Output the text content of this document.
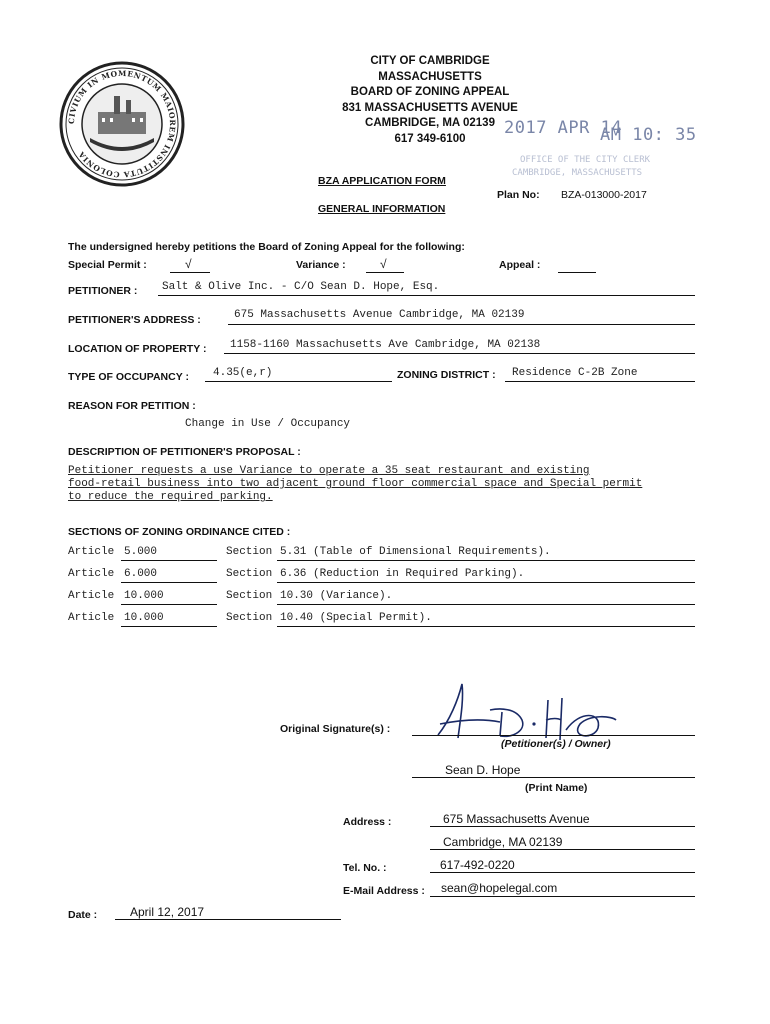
CIVIUM IN MOMENTUM MAIOREM INSTITUTA COLONIA
CITY OF CAMBRIDGE
MASSACHUSETTS
BOARD OF ZONING APPEAL
831 MASSACHUSETTS AVENUE
CAMBRIDGE, MA 02139
617 349-6100
2017 APR 14
AM 10: 35
OFFICE OF THE CITY CLERK
CAMBRIDGE, MASSACHUSETTS
BZA APPLICATION FORM
GENERAL INFORMATION
Plan No: BZA-013000-2017
The undersigned hereby petitions the Board of Zoning Appeal for the following:
Special Permit :	√	Variance :	√	Appeal :
PETITIONER : Salt & Olive Inc. - C/O Sean D. Hope, Esq.
PETITIONER'S ADDRESS :	675 Massachusetts Avenue Cambridge, MA 02139
LOCATION OF PROPERTY : 1158-1160 Massachusetts Ave Cambridge, MA 02138
TYPE OF OCCUPANCY : 4.35(e,r)	ZONING DISTRICT : Residence C-2B Zone
REASON FOR PETITION :
Change in Use / Occupancy
DESCRIPTION OF PETITIONER'S PROPOSAL :
Petitioner requests a use Variance to operate a 35 seat restaurant and existing
food-retail business into two adjacent ground floor commercial space and Special permit
to reduce the required parking.
SECTIONS OF ZONING ORDINANCE CITED :
Article 5.000	Section 5.31 (Table of Dimensional Requirements).
Article 6.000	Section 6.36 (Reduction in Required Parking).
Article 10.000	Section 10.30 (Variance).
Article 10.000	Section 10.40 (Special Permit).
Original Signature(s) :
(Petitioner(s) / Owner)
Sean D. Hope
(Print Name)
Address :	675 Massachusetts Avenue
Cambridge, MA 02139
Tel. No. :	617-492-0220
E-Mail Address : sean@hopelegal.com
Date :	April 12, 2017
